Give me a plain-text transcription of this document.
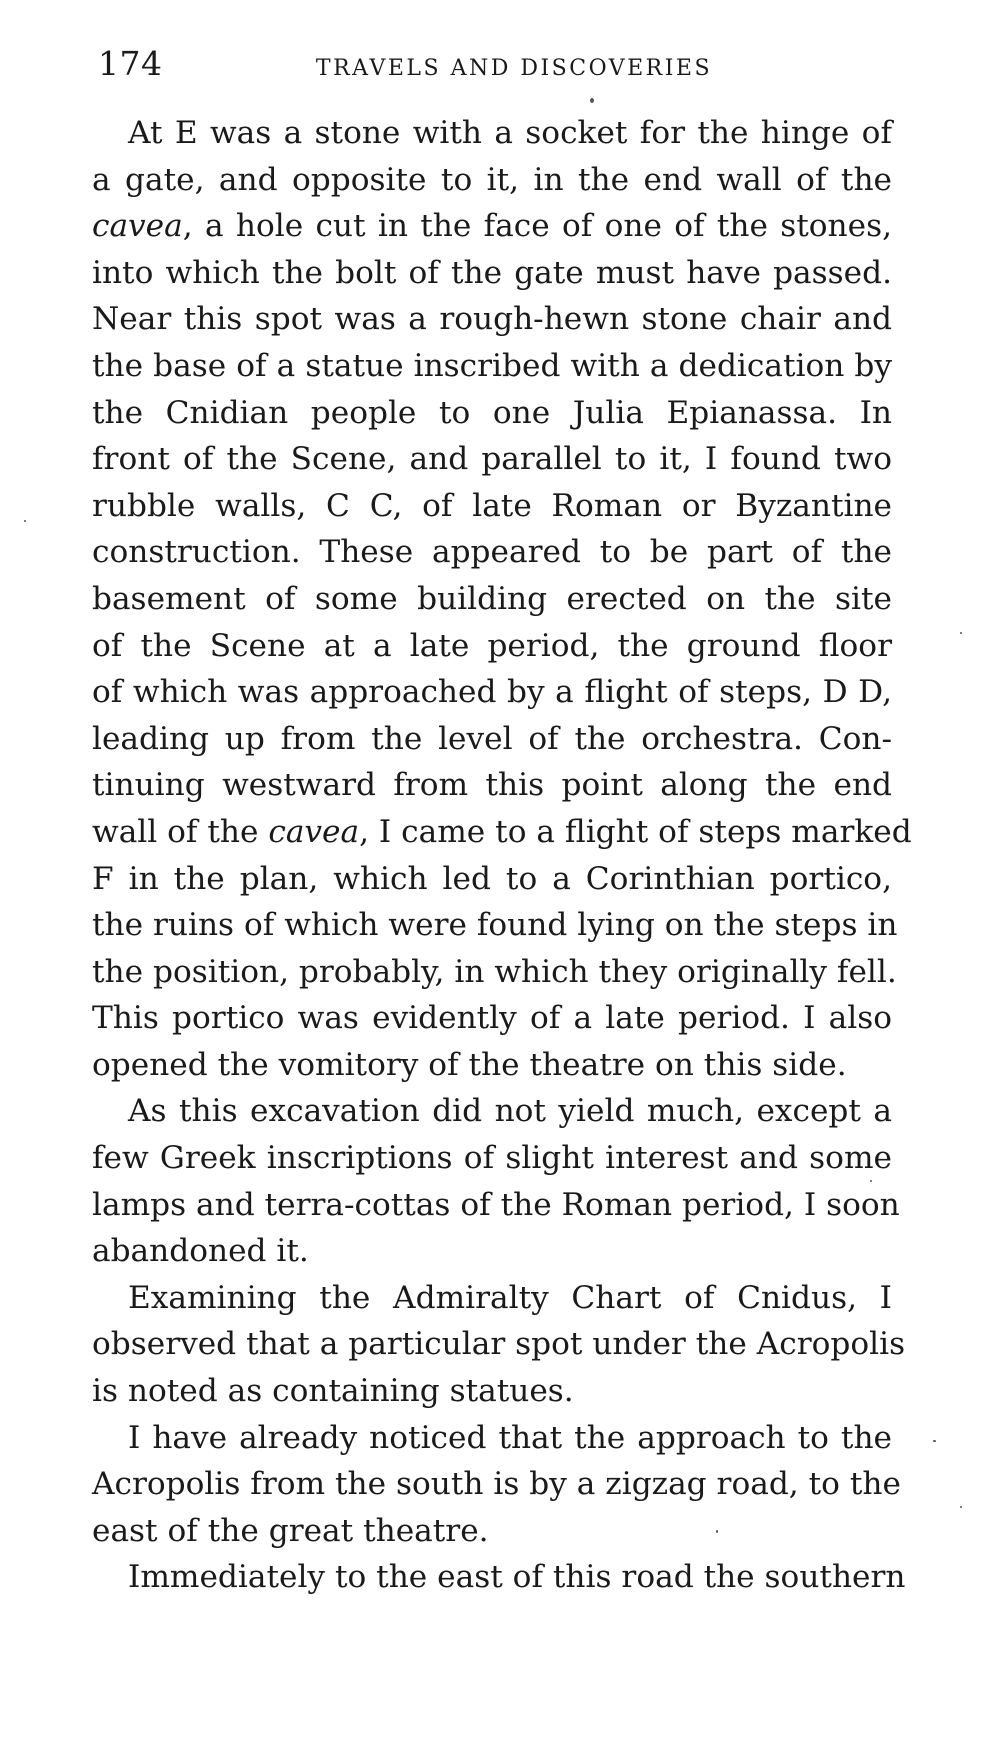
174	TRAVELS AND DISCOVERIES
At E was a stone with a socket for the hinge of
a gate, and opposite to it, in the end wall of the
cavea, a hole cut in the face of one of the stones,
into which the bolt of the gate must have passed.
Near this spot was a rough-hewn stone chair and
the base of a statue inscribed with a dedication by
the Cnidian people to one Julia Epianassa. In
front of the Scene, and parallel to it, I found two
rubble walls, C C, of late Roman or Byzantine
construction. These appeared to be part of the
basement of some building erected on the site
of the Scene at a late period, the ground floor
of which was approached by a flight of steps, D D,
leading up from the level of the orchestra. Con-
tinuing westward from this point along the end
wall of the cavea, I came to a flight of steps marked
F in the plan, which led to a Corinthian portico,
the ruins of which were found lying on the steps in
the position, probably, in which they originally fell.
This portico was evidently of a late period. I also
opened the vomitory of the theatre on this side.
As this excavation did not yield much, except a
few Greek inscriptions of slight interest and some
lamps and terra-cottas of the Roman period, I soon
abandoned it.
Examining the Admiralty Chart of Cnidus, I
observed that a particular spot under the Acropolis
is noted as containing statues.
I have already noticed that the approach to the
Acropolis from the south is by a zigzag road, to the
east of the great theatre.
Immediately to the east of this road the southern
